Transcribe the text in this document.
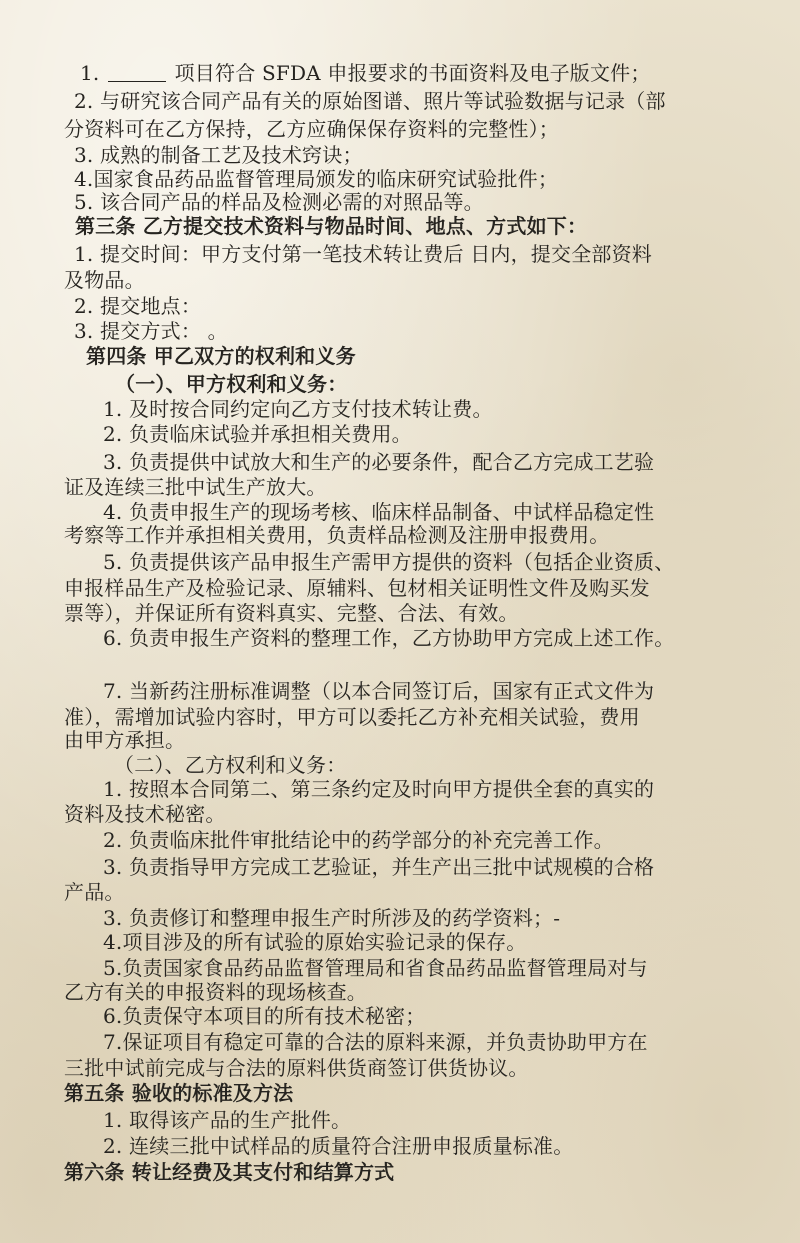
1.	项目符合 SFDA 申报要求的书面资料及电子版文件；
2. 与研究该合同产品有关的原始图谱、照片等试验数据与记录（部
分资料可在乙方保持，乙方应确保保存资料的完整性）；
3. 成熟的制备工艺及技术窍诀；
4.国家食品药品监督管理局颁发的临床研究试验批件；
5. 该合同产品的样品及检测必需的对照品等。
第三条 乙方提交技术资料与物品时间、地点、方式如下：
1. 提交时间：甲方支付第一笔技术转让费后 日内，提交全部资料
及物品。
2. 提交地点：
3. 提交方式： 。
第四条 甲乙双方的权利和义务
（一）、甲方权利和义务：
1. 及时按合同约定向乙方支付技术转让费。
2. 负责临床试验并承担相关费用。
3. 负责提供中试放大和生产的必要条件，配合乙方完成工艺验
证及连续三批中试生产放大。
4. 负责申报生产的现场考核、临床样品制备、中试样品稳定性
考察等工作并承担相关费用，负责样品检测及注册申报费用。
5. 负责提供该产品申报生产需甲方提供的资料（包括企业资质、
申报样品生产及检验记录、原辅料、包材相关证明性文件及购买发
票等），并保证所有资料真实、完整、合法、有效。
6. 负责申报生产资料的整理工作，乙方协助甲方完成上述工作。
7. 当新药注册标准调整（以本合同签订后，国家有正式文件为
准），需增加试验内容时，甲方可以委托乙方补充相关试验，费用
由甲方承担。
（二）、乙方权利和义务：
1. 按照本合同第二、第三条约定及时向甲方提供全套的真实的
资料及技术秘密。
2. 负责临床批件审批结论中的药学部分的补充完善工作。
3. 负责指导甲方完成工艺验证，并生产出三批中试规模的合格
产品。
3. 负责修订和整理申报生产时所涉及的药学资料；-
4.项目涉及的所有试验的原始实验记录的保存。
5.负责国家食品药品监督管理局和省食品药品监督管理局对与
乙方有关的申报资料的现场核查。
6.负责保守本项目的所有技术秘密；
7.保证项目有稳定可靠的合法的原料来源，并负责协助甲方在
三批中试前完成与合法的原料供货商签订供货协议。
第五条 验收的标准及方法
1. 取得该产品的生产批件。
2. 连续三批中试样品的质量符合注册申报质量标准。
第六条 转让经费及其支付和结算方式
